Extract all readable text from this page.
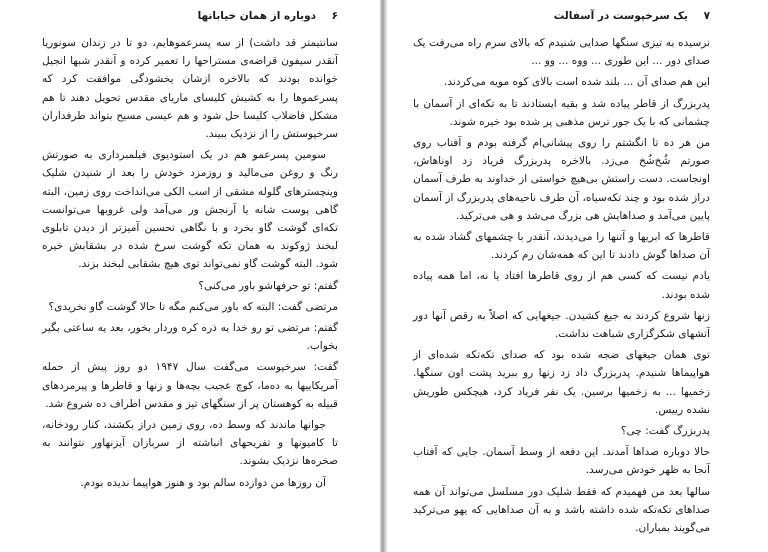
۶
دوباره از همان خیابانها

سانتیمتر قد داشت) از سه پسرعموهایم، دو تا در زندان سونوریا آنقدر سیفون قراضه‌ی مستراحها را تعمیر کرده و آنقدر شبها انجیل خوانده بودند که بالاخره ازشان یخشودگی موافقت کرد که پسرعموها را به کشیش کلیسای ماریای مقدس تحویل دهند تا هم مشکل فاضلاب کلیسا حل شود و هم عیسی مسیح بتواند طرفداران سرخپوستش را از نزدیک ببیند.

سومین پسرعمو هم در یک استودیوی فیلمبرداری به صورتش رنگ و روغن می‌مالید و روزمزد خودش را بعد از شنیدن شلیک وینچسترهای گلوله مشقی از اسب الکی می‌انداخت روی زمین، البته گاهی پوست شانه یا آرنجش ور می‌آمد ولی غروبها می‌توانست تکه‌ای گوشت گاو بخرد و با نگاهی تحسین آمیزتر از دیدن تابلوی لبخند ژوکوند به همان تکه گوشت سرخ شده در بشقابش خیره شود. البته گوشت گاو نمی‌تواند توی هیچ بشقابی لبخند بزند.

گفتم: تو حرفهاشو باور می‌کنی؟

مرتضی گفت: البته که باور می‌کنم مگه تا حالا گوشت گاو نخریدی؟

گفتم: مرتضی تو رو خدا یه ذره کره وردار بخور، بعد یه ساعتی بگیر بخواب.

گفت: سرخپوست می‌گفت سال ۱۹۴۷ دو روز پیش از حمله آمریکاییها به ده‌ما، کوچ عجیب بچه‌ها و زنها و قاطرها و پیرمردهای قبیله به کوهستان پر از سنگهای تیز و مقدس اطراف ده شروع شد.

جوانها ماندند که وسط ده، روی زمین دراز بکشند، کنار رودخانه، تا کامیونها و تفریحهای انباشته از سربازان آیزنهاور نتوانند به صخره‌ها نزدیک بشوند.

آن روزها من دوازده سالم بود و هنوز هواپیما ندیده بودم.

۷
یک سرخپوست در آسفالت

نرسیده به تیزی سنگها صدایی شنیدم که بالای سرم راه می‌رفت یک صدای دور ... این طوری ... ووه ... وو ...

این هم صدای آن ... بلند شده است بالای کوه مویه می‌کردند.

پدربزرگ از قاطر پیاده شد و بقیه ایستادند تا به تکه‌ای از آسمان با چشمانی که با یک جور ترس مذهبی پر شده بود خیره شوند.

من هر ده تا انگشتم را روی پیشانی‌ام گرفته بودم و آفتاب روی صورتم شُخ‌شُخ می‌زد. بالاخره پدربزرگ فریاد زد اوناهاش، اونجاست. دست راستش بی‌هیچ خواستی از خداوند به طرف آسمان دراز شده بود و چند تکه‌سیاه، آن طرف ناحیه‌های پدربزرگ از آسمان پایین می‌آمد و صداهایش هی بزرگ می‌شد و هی می‌ترکید.

قاطرها که ابریها و آتنها را می‌دیدند، آنقدر با چشمهای گشاد شده به آن صداها گوش دادند تا این که همه‌شان رم کردند.

یادم نیست که کسی هم از روی قاطرها افتاد یا نه، اما همه پیاده شده بودند.

زنها شروع کردند به جیغ کشیدن. جیغهایی که اصلاً به رقص آنها دور آتشهای شکرگزاری شباهت نداشت.

توی همان جیغهای ضجه شده بود که صدای تکه‌تکه شده‌ای از هواپیماها شنیدم. پدربزرگ داد زد زنها رو ببرید پشت اون سنگها. زخمیها ... به زخمیها برسین. یک نفر فریاد کرد، هیچکس طوریش نشده رییس.

پدربزرگ گفت: چی؟

حالا دوباره صداها آمدند. این دفعه از وسط آسمان. جایی که آفتاب آنجا به ظهر خودش می‌رسد.

سالها بعد من فهمیدم که فقط شلیک دور مسلسل می‌تواند آن همه صداهای تکه‌تکه شده داشته باشد و به آن صداهایی که یهو می‌ترکید می‌گویند بمباران.
